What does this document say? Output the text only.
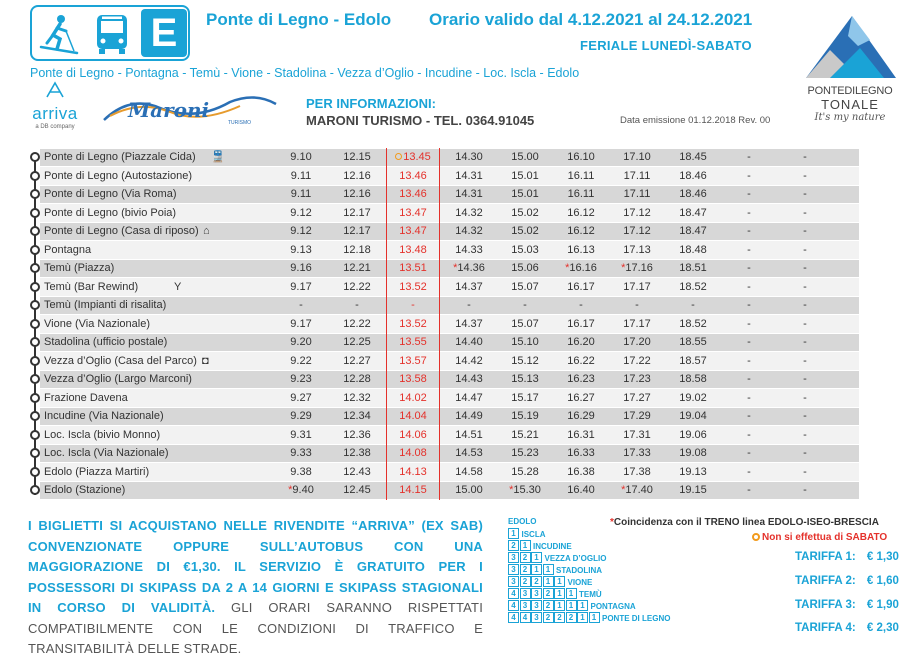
E	Ponte di Legno - Edolo Orario valido dal 4.12.2021 al 24.12.2021
FERIALE LUNEDÌ-SABATO
Ponte di Legno - Pontagna - Temù - Vione - Stadolina - Vezza d’Oglio - Incudine - Loc. Iscla - Edolo
arriva
a DB company
Maroni
TURISMO
PER INFORMAZIONI:
MARONI TURISMO - TEL. 0364.91045	Data emissione 01.12.2018 Rev. 00
PONTEDILEGNO
TONALE
It's my nature
Ponte di Legno (Piazzale Cida) 🚆	9.10	12.15	13.45	14.30	15.00	16.10	17.10	18.45	-	-
Ponte di Legno (Autostazione)	9.11	12.16	13.46	14.31	15.01	16.11	17.11	18.46	-	-
Ponte di Legno (Via Roma)	9.11	12.16	13.46	14.31	15.01	16.11	17.11	18.46	-	-
Ponte di Legno (bivio Poia)	9.12	12.17	13.47	14.32	15.02	16.12	17.12	18.47	-	-
Ponte di Legno (Casa di riposo) ⌂	9.12	12.17	13.47	14.32	15.02	16.12	17.12	18.47	-	-
Pontagna	9.13	12.18	13.48	14.33	15.03	16.13	17.13	18.48	-	-
Temù (Piazza)	9.16	12.21	13.51	*14.36	15.06	*16.16	*17.16	18.51	-	-
Temù (Bar Rewind)	Y	9.17	12.22	13.52	14.37	15.07	16.17	17.17	18.52	-	-
Temù (Impianti di risalita)	-	-	-	-	-	-	-	-	-	-
Vione (Via Nazionale)	9.17	12.22	13.52	14.37	15.07	16.17	17.17	18.52	-	-
Stadolina (ufficio postale)	9.20	12.25	13.55	14.40	15.10	16.20	17.20	18.55	-	-
Vezza d’Oglio (Casa del Parco) ◘	9.22	12.27	13.57	14.42	15.12	16.22	17.22	18.57	-	-
Vezza d’Oglio (Largo Marconi)	9.23	12.28	13.58	14.43	15.13	16.23	17.23	18.58	-	-
Frazione Davena	9.27	12.32	14.02	14.47	15.17	16.27	17.27	19.02	-	-
Incudine (Via Nazionale)	9.29	12.34	14.04	14.49	15.19	16.29	17.29	19.04	-	-
Loc. Iscla (bivio Monno)	9.31	12.36	14.06	14.51	15.21	16.31	17.31	19.06	-	-
Loc. Iscla (Via Nazionale)	9.33	12.38	14.08	14.53	15.23	16.33	17.33	19.08	-	-
Edolo (Piazza Martiri)	9.38	12.43	14.13	14.58	15.28	16.38	17.38	19.13	-	-
Edolo (Stazione)	*9.40	12.45	14.15	15.00	*15.30	16.40	*17.40	19.15	-	-
I BIGLIETTI SI ACQUISTANO NELLE RIVENDITE “ARRIVA” (EX SAB) CONVENZIONATE OPPURE SULL’AUTOBUS CON UNA MAGGIORAZIONE DI €1,30. IL SERVIZIO È GRATUITO PER I POSSESSORI DI SKIPASS DA 2 A 14 GIORNI E SKIPASS STAGIONALI IN CORSO DI VALIDITÀ. GLI ORARI SARANNO RISPETTATI COMPATIBILMENTE CON LE CONDIZIONI DI TRAFFICO E TRANSITABILITÀ DELLE STRADE.
EDOLO
1 ISCLA
2 1 INCUDINE
3 2 1 VEZZA D’OGLIO
3 2 1 1 STADOLINA
3 2 2 1 1 VIONE
4 3 3 2 1 1 TEMÙ
4 3 3 2 1 1 1 PONTAGNA
4 4 3 2 2 2 1 1 PONTE DI LEGNO
*Coincidenza con il TRENO linea EDOLO-ISEO-BRESCIA
Non si effettua di SABATO
TARIFFA 1: € 1,30
TARIFFA 2: € 1,60
TARIFFA 3: € 1,90
TARIFFA 4: € 2,30
